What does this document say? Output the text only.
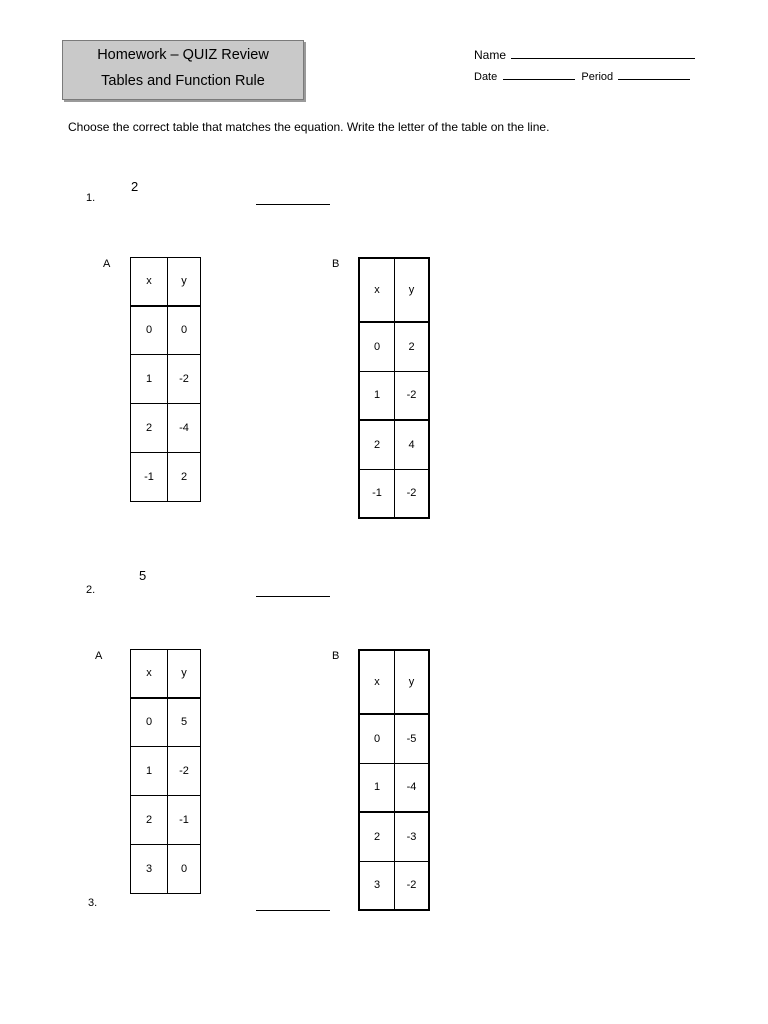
Homework – QUIZ Review
Tables and Function Rule
Name
Date	Period
Choose the correct table that matches the equation. Write the letter of the table on the line.
1.
2
A
x	y
0	0
1	-2
2	-4
-1	2
B
x	y
0	2
1	-2
2	4
-1	-2
2.
5
A
x	y
0	5
1	-2
2	-1
3	0
B
x	y
0	-5
1	-4
2	-3
3	-2
3.
